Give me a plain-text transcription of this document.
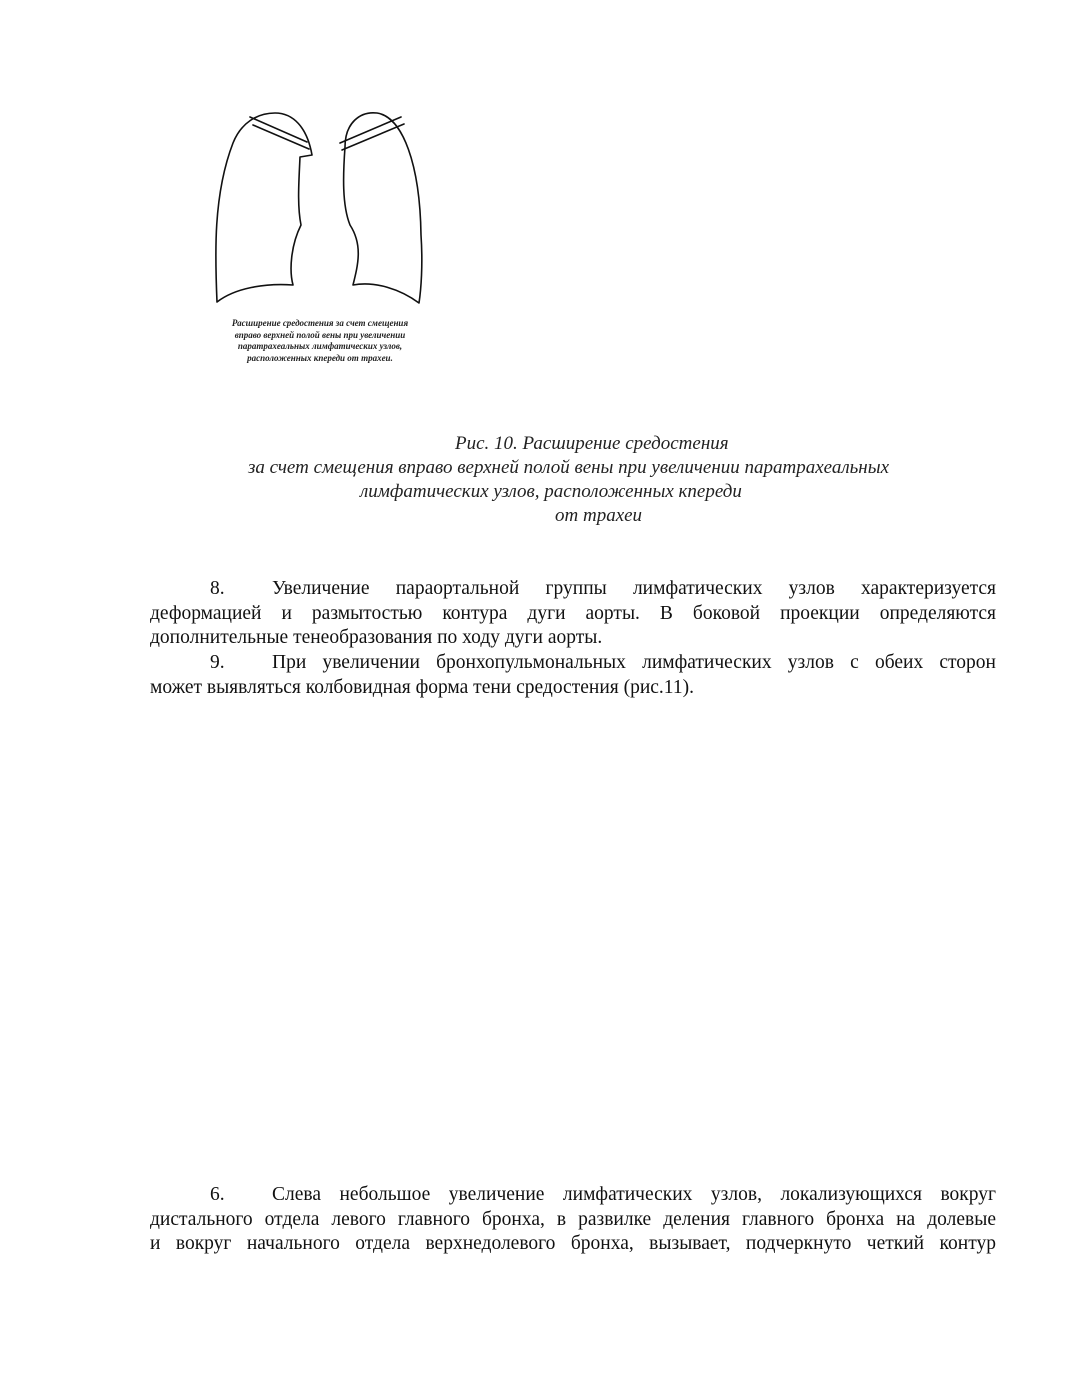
Расширение средостения за счет смещения
вправо верхней полой вены при увеличении
паратрахеальных лимфатических узлов,
расположенных кпереди от трахеи.
Рис. 10. Расширение средостения
за счет смещения вправо верхней полой вены при увеличении паратрахеальных
лимфатических узлов, расположенных кпереди
от трахеи
8. Увеличение параортальной группы лимфатических узлов характеризуется
деформацией и размытостью контура дуги аорты. В боковой проекции определяются
дополнительные тенеобразования по ходу дуги аорты.
9. При увеличении бронхопульмональных лимфатических узлов с обеих сторон
может выявляться колбовидная форма тени средостения (рис.11).
6. Слева небольшое увеличение лимфатических узлов, локализующихся вокруг
дистального отдела левого главного бронха, в развилке деления главного бронха на долевые
и вокруг начального отдела верхнедолевого бронха, вызывает, подчеркнуто четкий контур
